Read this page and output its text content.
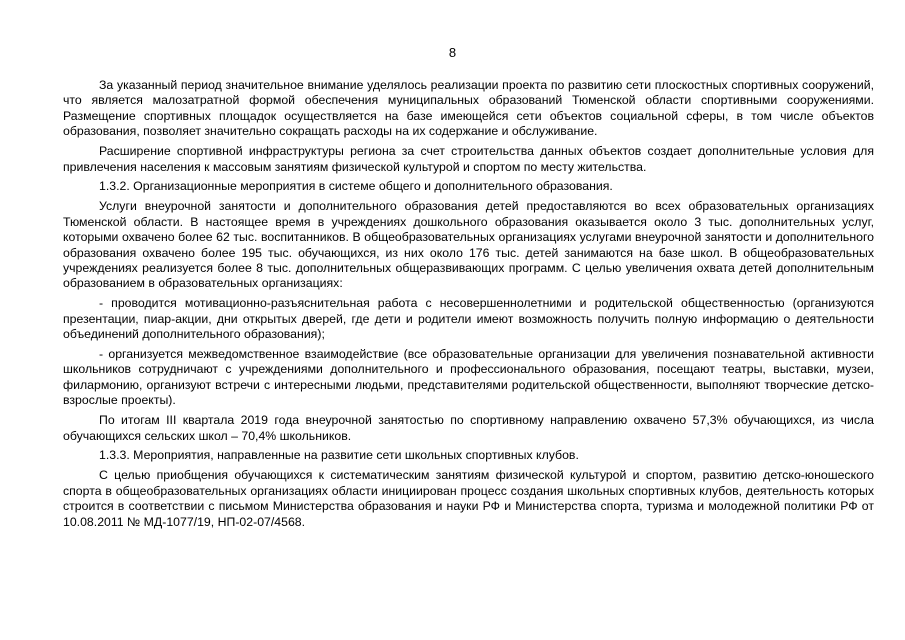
8

За указанный период значительное внимание уделялось реализации проекта по развитию сети плоскостных спортивных сооружений, что является малозатратной формой обеспечения муниципальных образований Тюменской области спортивными сооружениями. Размещение спортивных площадок осуществляется на базе имеющейся сети объектов социальной сферы, в том числе объектов образования, позволяет значительно сокращать расходы на их содержание и обслуживание.

Расширение спортивной инфраструктуры региона за счет строительства данных объектов создает дополнительные условия для привлечения населения к массовым занятиям физической культурой и спортом по месту жительства.

1.3.2. Организационные мероприятия в системе общего и дополнительного образования.

Услуги внеурочной занятости и дополнительного образования детей предоставляются во всех образовательных организациях Тюменской области. В настоящее время в учреждениях дошкольного образования оказывается около 3 тыс. дополнительных услуг, которыми охвачено более 62 тыс. воспитанников. В общеобразовательных организациях услугами внеурочной занятости и дополнительного образования охвачено более 195 тыс. обучающихся, из них около 176 тыс. детей занимаются на базе школ. В общеобразовательных учреждениях реализуется более 8 тыс. дополнительных общеразвивающих программ. С целью увеличения охвата детей дополнительным образованием в образовательных организациях:

- проводится мотивационно-разъяснительная работа с несовершеннолетними и родительской общественностью (организуются презентации, пиар-акции, дни открытых дверей, где дети и родители имеют возможность получить полную информацию о деятельности объединений дополнительного образования);

- организуется межведомственное взаимодействие (все образовательные организации для увеличения познавательной активности школьников сотрудничают с учреждениями дополнительного и профессионального образования, посещают театры, выставки, музеи, филармонию, организуют встречи с интересными людьми, представителями родительской общественности, выполняют творческие детско-взрослые проекты).

По итогам III квартала 2019 года внеурочной занятостью по спортивному направлению охвачено 57,3% обучающихся, из числа обучающихся сельских школ – 70,4% школьников.

1.3.3. Мероприятия, направленные на развитие сети школьных спортивных клубов.

С целью приобщения обучающихся к систематическим занятиям физической культурой и спортом, развитию детско-юношеского спорта в общеобразовательных организациях области инициирован процесс создания школьных спортивных клубов, деятельность которых строится в соответствии с письмом Министерства образования и науки РФ и Министерства спорта, туризма и молодежной политики РФ от 10.08.2011 № МД-1077/19, НП-02-07/4568.
